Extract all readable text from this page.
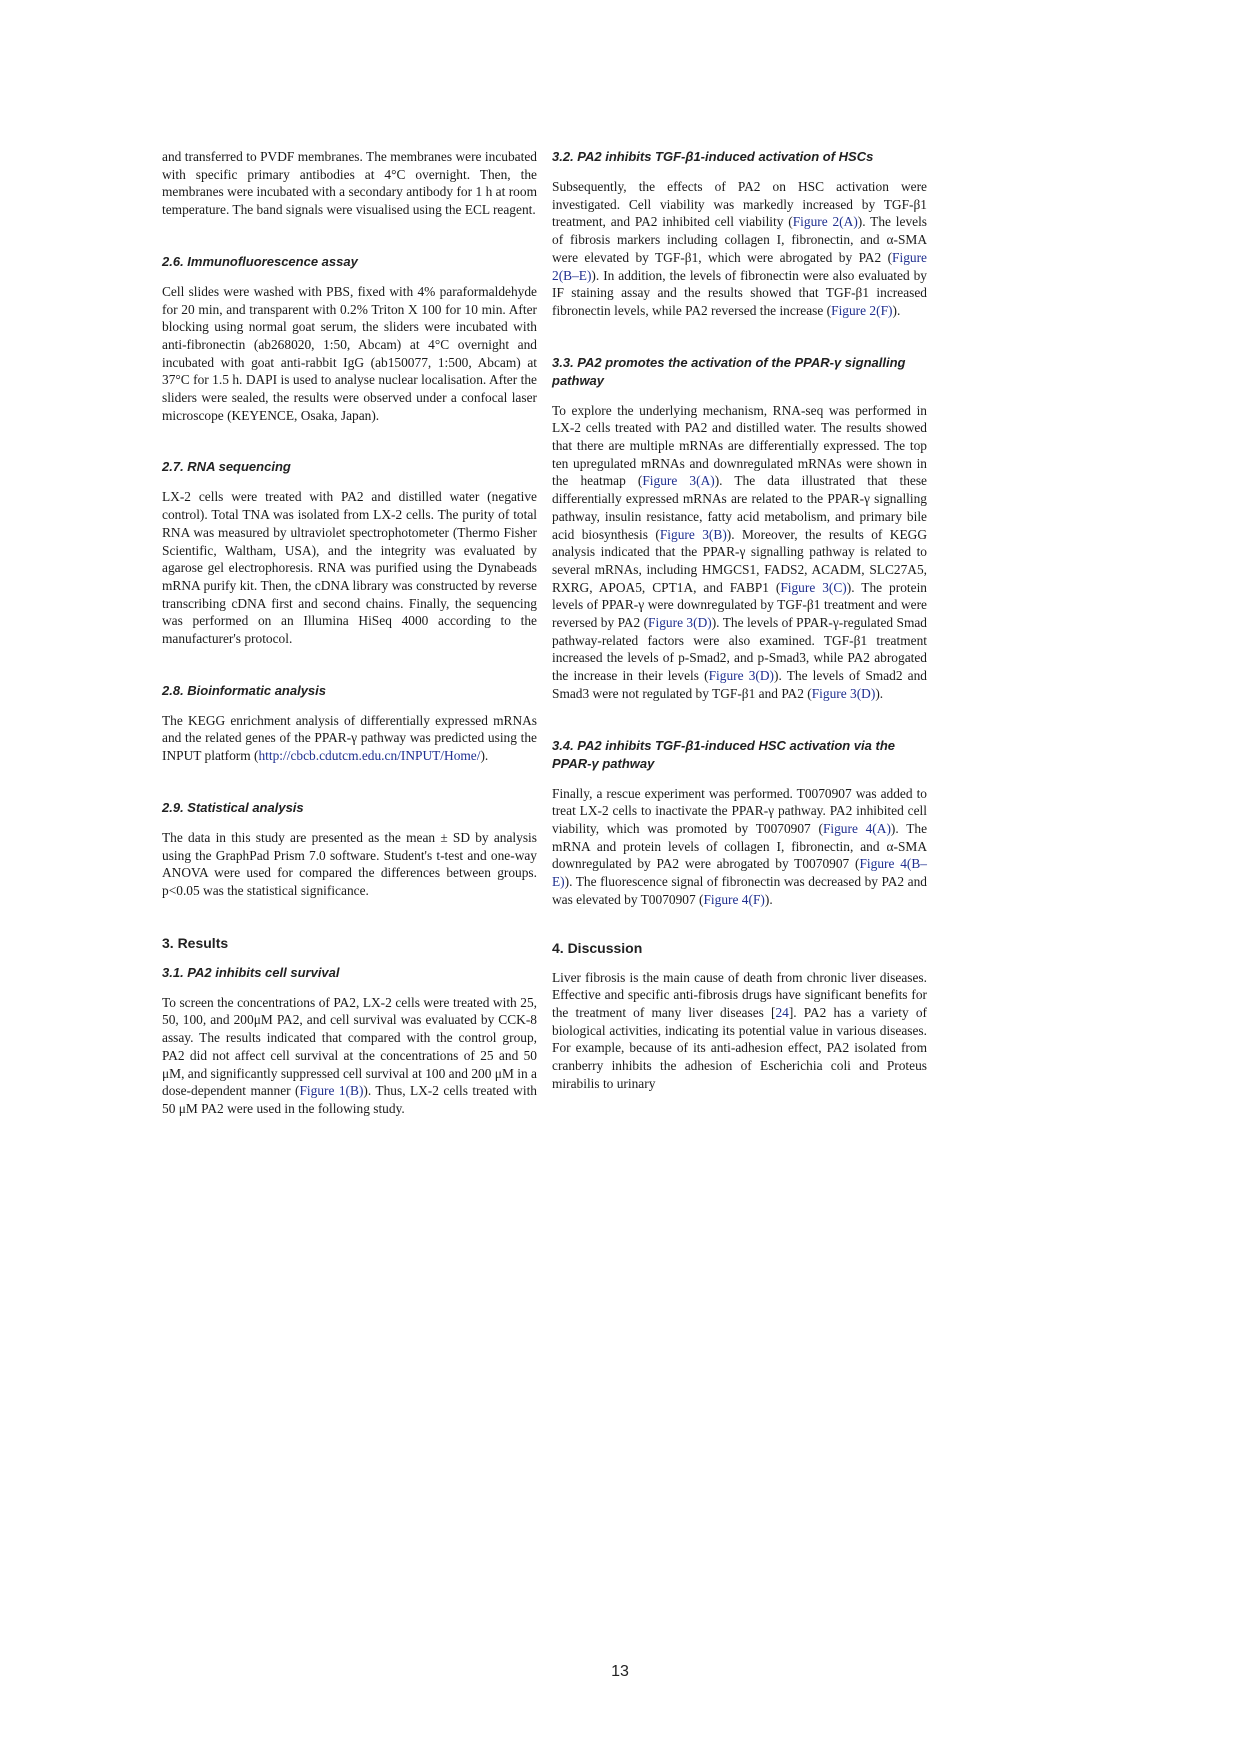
and transferred to PVDF membranes. The membranes were incubated with specific primary antibodies at 4°C overnight. Then, the membranes were incubated with a secondary antibody for 1 h at room temperature. The band signals were visualised using the ECL reagent.

2.6. Immunofluorescence assay

Cell slides were washed with PBS, fixed with 4% paraformaldehyde for 20 min, and transparent with 0.2% Triton X 100 for 10 min. After blocking using normal goat serum, the sliders were incubated with anti-fibronectin (ab268020, 1:50, Abcam) at 4°C overnight and incubated with goat anti-rabbit IgG (ab150077, 1:500, Abcam) at 37°C for 1.5 h. DAPI is used to analyse nuclear localisation. After the sliders were sealed, the results were observed under a confocal laser microscope (KEYENCE, Osaka, Japan).

2.7. RNA sequencing

LX-2 cells were treated with PA2 and distilled water (negative control). Total TNA was isolated from LX-2 cells. The purity of total RNA was measured by ultraviolet spectrophotometer (Thermo Fisher Scientific, Waltham, USA), and the integrity was evaluated by agarose gel electrophoresis. RNA was purified using the Dynabeads mRNA purify kit. Then, the cDNA library was constructed by reverse transcribing cDNA first and second chains. Finally, the sequencing was performed on an Illumina HiSeq 4000 according to the manufacturer's protocol.

2.8. Bioinformatic analysis

The KEGG enrichment analysis of differentially expressed mRNAs and the related genes of the PPAR-γ pathway was predicted using the INPUT platform (http://cbcb.cdutcm.edu.cn/INPUT/Home/).

2.9. Statistical analysis

The data in this study are presented as the mean ± SD by analysis using the GraphPad Prism 7.0 software. Student's t-test and one-way ANOVA were used for compared the differences between groups. p<0.05 was the statistical significance.

3. Results
3.1. PA2 inhibits cell survival

To screen the concentrations of PA2, LX-2 cells were treated with 25, 50, 100, and 200μM PA2, and cell survival was evaluated by CCK-8 assay. The results indicated that compared with the control group, PA2 did not affect cell survival at the concentrations of 25 and 50 μM, and significantly suppressed cell survival at 100 and 200 μM in a dose-dependent manner (Figure 1(B)). Thus, LX-2 cells treated with 50 μM PA2 were used in the following study.

3.2. PA2 inhibits TGF-β1-induced activation of HSCs

Subsequently, the effects of PA2 on HSC activation were investigated. Cell viability was markedly increased by TGF-β1 treatment, and PA2 inhibited cell viability (Figure 2(A)). The levels of fibrosis markers including collagen I, fibronectin, and α-SMA were elevated by TGF-β1, which were abrogated by PA2 (Figure 2(B–E)). In addition, the levels of fibronectin were also evaluated by IF staining assay and the results showed that TGF-β1 increased fibronectin levels, while PA2 reversed the increase (Figure 2(F)).

3.3. PA2 promotes the activation of the PPAR-γ signalling pathway

To explore the underlying mechanism, RNA-seq was performed in LX-2 cells treated with PA2 and distilled water. The results showed that there are multiple mRNAs are differentially expressed. The top ten upregulated mRNAs and downregulated mRNAs were shown in the heatmap (Figure 3(A)). The data illustrated that these differentially expressed mRNAs are related to the PPAR-γ signalling pathway, insulin resistance, fatty acid metabolism, and primary bile acid biosynthesis (Figure 3(B)). Moreover, the results of KEGG analysis indicated that the PPAR-γ signalling pathway is related to several mRNAs, including HMGCS1, FADS2, ACADM, SLC27A5, RXRG, APOA5, CPT1A, and FABP1 (Figure 3(C)). The protein levels of PPAR-γ were downregulated by TGF-β1 treatment and were reversed by PA2 (Figure 3(D)). The levels of PPAR-γ-regulated Smad pathway-related factors were also examined. TGF-β1 treatment increased the levels of p-Smad2, and p-Smad3, while PA2 abrogated the increase in their levels (Figure 3(D)). The levels of Smad2 and Smad3 were not regulated by TGF-β1 and PA2 (Figure 3(D)).

3.4. PA2 inhibits TGF-β1-induced HSC activation via the PPAR-γ pathway

Finally, a rescue experiment was performed. T0070907 was added to treat LX-2 cells to inactivate the PPAR-γ pathway. PA2 inhibited cell viability, which was promoted by T0070907 (Figure 4(A)). The mRNA and protein levels of collagen I, fibronectin, and α-SMA downregulated by PA2 were abrogated by T0070907 (Figure 4(B–E)). The fluorescence signal of fibronectin was decreased by PA2 and was elevated by T0070907 (Figure 4(F)).

4. Discussion

Liver fibrosis is the main cause of death from chronic liver diseases. Effective and specific anti-fibrosis drugs have significant benefits for the treatment of many liver diseases [24]. PA2 has a variety of biological activities, indicating its potential value in various diseases. For example, because of its anti-adhesion effect, PA2 isolated from cranberry inhibits the adhesion of Escherichia coli and Proteus mirabilis to urinary

13
